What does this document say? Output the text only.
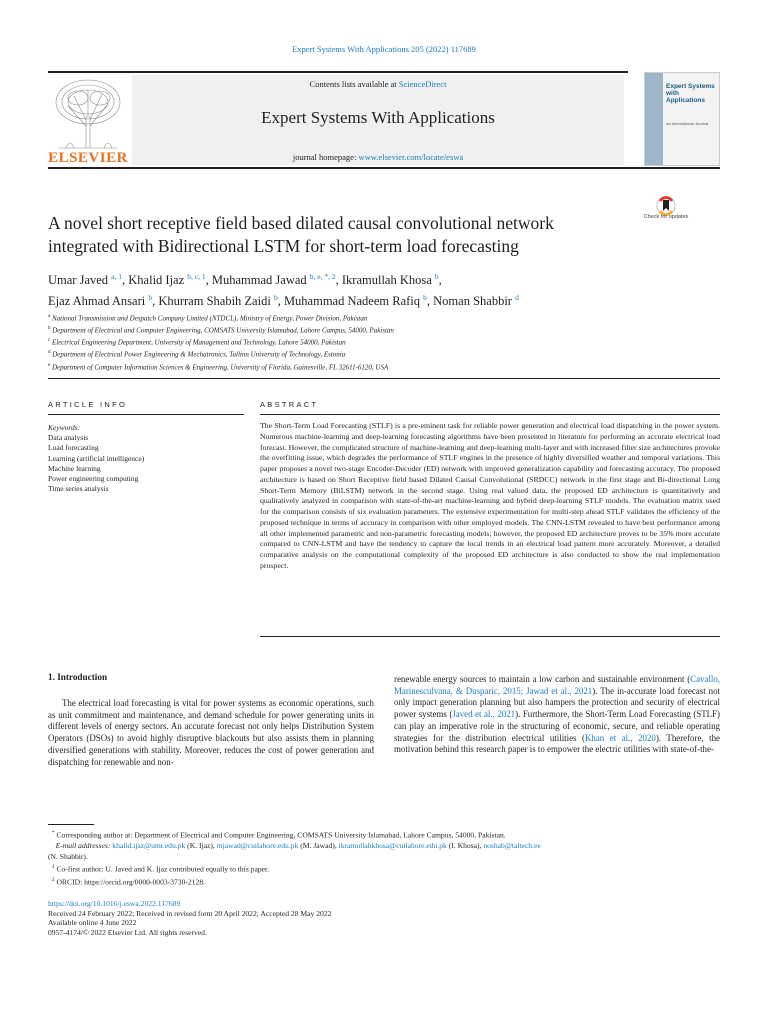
Expert Systems With Applications 205 (2022) 117689
ELSEVIER
Contents lists available at ScienceDirect
Expert Systems With Applications
journal homepage: www.elsevier.com/locate/eswa
Expert Systems with Applications
An International Journal
Check for updates
A novel short receptive field based dilated causal convolutional network integrated with Bidirectional LSTM for short-term load forecasting
Umar Javed $^{a, 1}$, Khalid Ijaz $^{b, c, 1}$, Muhammad Jawad $^{b, e, *, 2}$, Ikramullah Khosa $^b$,
Ejaz Ahmad Ansari $^b$, Khurram Shabih Zaidi $^b$, Muhammad Nadeem Rafiq $^b$, Noman Shabbir $^d$
$^a$ National Transmission and Despatch Company Limited (NTDCL), Ministry of Energy, Power Division, Pakistan
$^b$ Department of Electrical and Computer Engineering, COMSATS University Islamabad, Lahore Campus, 54000, Pakistan
$^c$ Electrical Engineering Department, University of Management and Technology, Lahore 54000, Pakistan
$^d$ Department of Electrical Power Engineering & Mechatronics, Tallinn University of Technology, Estonia
$^e$ Department of Computer Information Sciences & Engineering, University of Florida, Gainesville, FL 32611-6120, USA
ARTICLE INFO
Keywords:
Data analysis
Load forecasting
Learning (artificial intelligence)
Machine learning
Power engineering computing
Time series analysis
ABSTRACT
The Short-Term Load Forecasting (STLF) is a pre-eminent task for reliable power generation and electrical load dispatching in the power system. Numerous machine-learning and deep-learning forecasting algorithms have been presented in literature for performing an accurate electrical load forecast. However, the complicated structure of machine-learning and deep-learning multi-layer and with increased filter size architectures provoke the overfitting issue, which degrades the performance of STLF engines in the presence of highly diversified weather and temporal variations. This paper proposes a novel two-stage Encoder-Decoder (ED) network with improved generalization capability and forecasting accuracy. The proposed architecture is based on Short Receptive field based Dilated Causal Convolutional (SRDCC) network in the first stage and Bi-directional Long Short-Term Memory (BiLSTM) network in the second stage. Using real valued data, the proposed ED architecture is quantitatively and qualitatively analyzed in comparison with state-of-the-art machine-learning and hybrid deep-learning STLF models. The evaluation matrix used for the comparison consists of six evaluation parameters. The extensive experimentation for multi-step ahead STLF validates the efficiency of the proposed technique in terms of accuracy in comparison with other employed models. The CNN-LSTM revealed to have best performance among all other implemented parametric and non-parametric forecasting models; however, the proposed ED architecture proves to be 35% more accurate compared to CNN-LSTM and have the tendency to capture the local trends in an electrical load pattern more accurately. Moreover, a detailed comparative analysis on the computational complexity of the proposed ED architecture is also conducted to show the real implementation prospect.
1. Introduction
The electrical load forecasting is vital for power systems as economic operations, such as unit commitment and maintenance, and demand schedule for power generating units in different levels of energy sectors. An accurate forecast not only helps Distribution System Operators (DSOs) to avoid highly disruptive blackouts but also assists them in planning diversified generations with stability. Moreover, reduces the cost of power generation and dispatching for renewable and non-
renewable energy sources to maintain a low carbon and sustainable environment (Cavallo, Marinesculvana, & Dusparic, 2015; Jawad et al., 2021). The in-accurate load forecast not only impact generation planning but also hampers the protection and security of electrical power systems (Javed et al., 2021). Furthermore, the Short-Term Load Forecasting (STLF) can play an imperative role in the structuring of economic, secure, and reliable operating strategies for the distribution electrical utilities (Khan et al., 2020). Therefore, the motivation behind this research paper is to empower the electric utilities with state-of-the-
* Corresponding author at: Department of Electrical and Computer Engineering, COMSATS University Islamabad, Lahore Campus, 54000, Pakistan.
E-mail addresses: khalid.ijaz@umt.edu.pk (K. Ijaz), mjawad@cuilahore.edu.pk (M. Jawad), ikramullahkhosa@cuilahore.edu.pk (I. Khosa), noshab@taltech.ee
(N. Shabbir).
$^1$ Co-first author: U. Javed and K. Ijaz contributed equally to this paper.
$^2$ ORCID: https://orcid.org/0000-0003-3730-2128.
https://doi.org/10.1016/j.eswa.2022.117689
Received 24 February 2022; Received in revised form 20 April 2022; Accepted 28 May 2022
Available online 4 June 2022
0957-4174/© 2022 Elsevier Ltd. All rights reserved.
